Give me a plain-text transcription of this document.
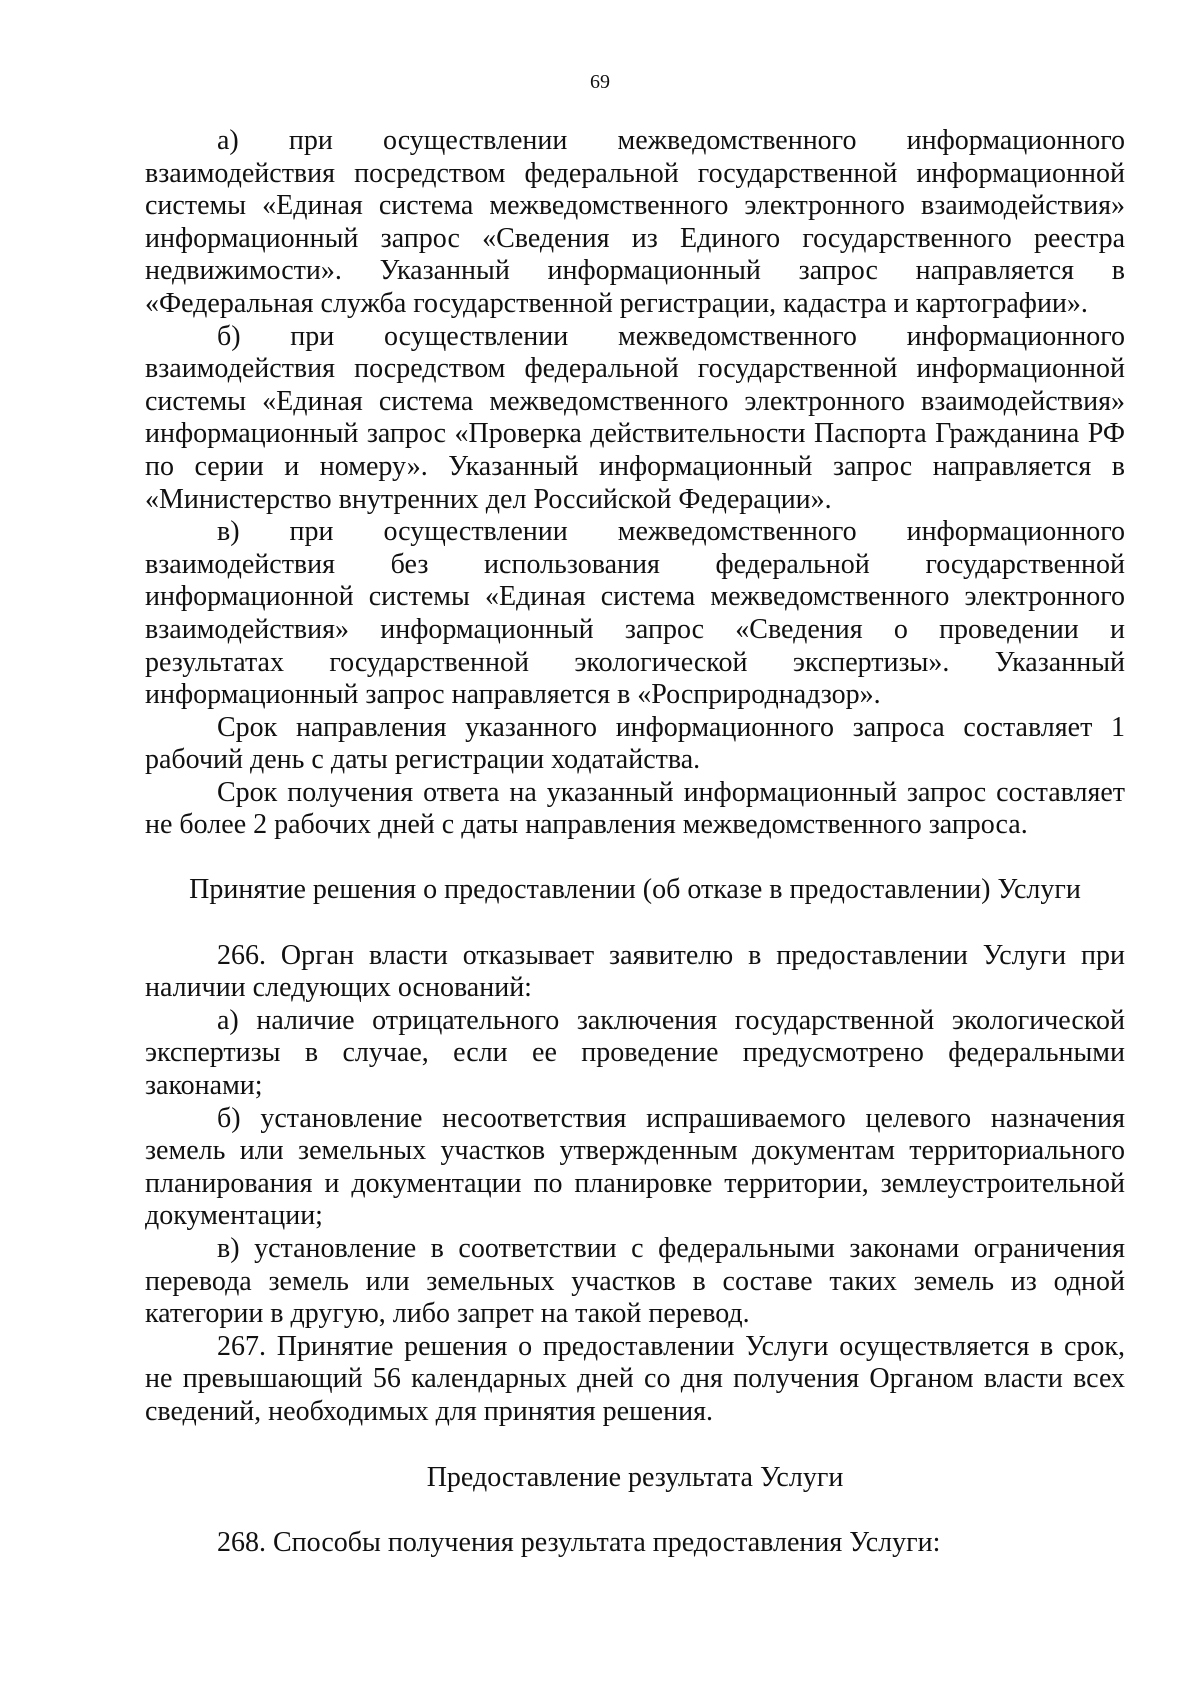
69

а) при осуществлении межведомственного информационного взаимодействия посредством федеральной государственной информационной системы «Единая система межведомственного электронного взаимодействия» информационный запрос «Сведения из Единого государственного реестра недвижимости». Указанный информационный запрос направляется в «Федеральная служба государственной регистрации, кадастра и картографии».

б) при осуществлении межведомственного информационного взаимодействия посредством федеральной государственной информационной системы «Единая система межведомственного электронного взаимодействия» информационный запрос «Проверка действительности Паспорта Гражданина РФ по серии и номеру». Указанный информационный запрос направляется в «Министерство внутренних дел Российской Федерации».

в) при осуществлении межведомственного информационного взаимодействия без использования федеральной государственной информационной системы «Единая система межведомственного электронного взаимодействия» информационный запрос «Сведения о проведении и результатах государственной экологической экспертизы». Указанный информационный запрос направляется в «Росприроднадзор».

Срок направления указанного информационного запроса составляет 1 рабочий день с даты регистрации ходатайства.

Срок получения ответа на указанный информационный запрос составляет не более 2 рабочих дней с даты направления межведомственного запроса.

Принятие решения о предоставлении (об отказе в предоставлении) Услуги

266. Орган власти отказывает заявителю в предоставлении Услуги при наличии следующих оснований:

а) наличие отрицательного заключения государственной экологической экспертизы в случае, если ее проведение предусмотрено федеральными законами;

б) установление несоответствия испрашиваемого целевого назначения земель или земельных участков утвержденным документам территориального планирования и документации по планировке территории, землеустроительной документации;

в) установление в соответствии с федеральными законами ограничения перевода земель или земельных участков в составе таких земель из одной категории в другую, либо запрет на такой перевод.

267. Принятие решения о предоставлении Услуги осуществляется в срок, не превышающий 56 календарных дней со дня получения Органом власти всех сведений, необходимых для принятия решения.

Предоставление результата Услуги

268. Способы получения результата предоставления Услуги:
